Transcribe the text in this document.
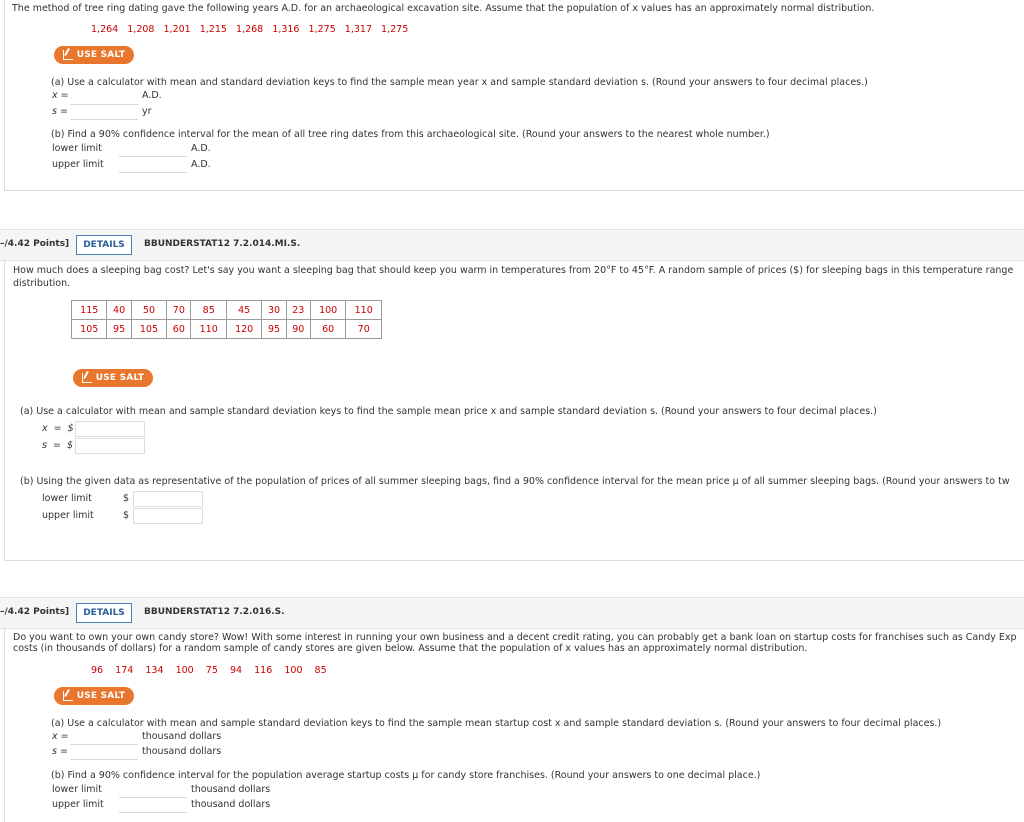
The method of tree ring dating gave the following years A.D. for an archaeological excavation site. Assume that the population of x values has an approximately normal distribution.
1,264   1,208   1,201   1,215   1,268   1,316   1,275   1,317   1,275
USE SALT
(a) Use a calculator with mean and standard deviation keys to find the sample mean year x and sample standard deviation s. (Round your answers to four decimal places.)
x =	A.D.
s =	yr
(b) Find a 90% confidence interval for the mean of all tree ring dates from this archaeological site. (Round your answers to the nearest whole number.)
lower limit	A.D.
upper limit	A.D.
–/4.42 Points]	DETAILS	BBUNDERSTAT12 7.2.014.MI.S.
How much does a sleeping bag cost? Let's say you want a sleeping bag that should keep you warm in temperatures from 20°F to 45°F. A random sample of prices ($) for sleeping bags in this temperature range
distribution.
115	40	50	70	85	45	30	23	100	110
105	95	105	60	110	120	95	90	60	70
USE SALT
(a) Use a calculator with mean and sample standard deviation keys to find the sample mean price x and sample standard deviation s. (Round your answers to four decimal places.)
x  =  $
s  =  $
(b) Using the given data as representative of the population of prices of all summer sleeping bags, find a 90% confidence interval for the mean price μ of all summer sleeping bags. (Round your answers to tw
lower limit	$
upper limit	$
–/4.42 Points]	DETAILS	BBUNDERSTAT12 7.2.016.S.
Do you want to own your own candy store? Wow! With some interest in running your own business and a decent credit rating, you can probably get a bank loan on startup costs for franchises such as Candy Exp
costs (in thousands of dollars) for a random sample of candy stores are given below. Assume that the population of x values has an approximately normal distribution.
96    174    134    100    75    94    116    100    85
USE SALT
(a) Use a calculator with mean and sample standard deviation keys to find the sample mean startup cost x and sample standard deviation s. (Round your answers to four decimal places.)
x =	thousand dollars
s =	thousand dollars
(b) Find a 90% confidence interval for the population average startup costs μ for candy store franchises. (Round your answers to one decimal place.)
lower limit	thousand dollars
upper limit	thousand dollars
